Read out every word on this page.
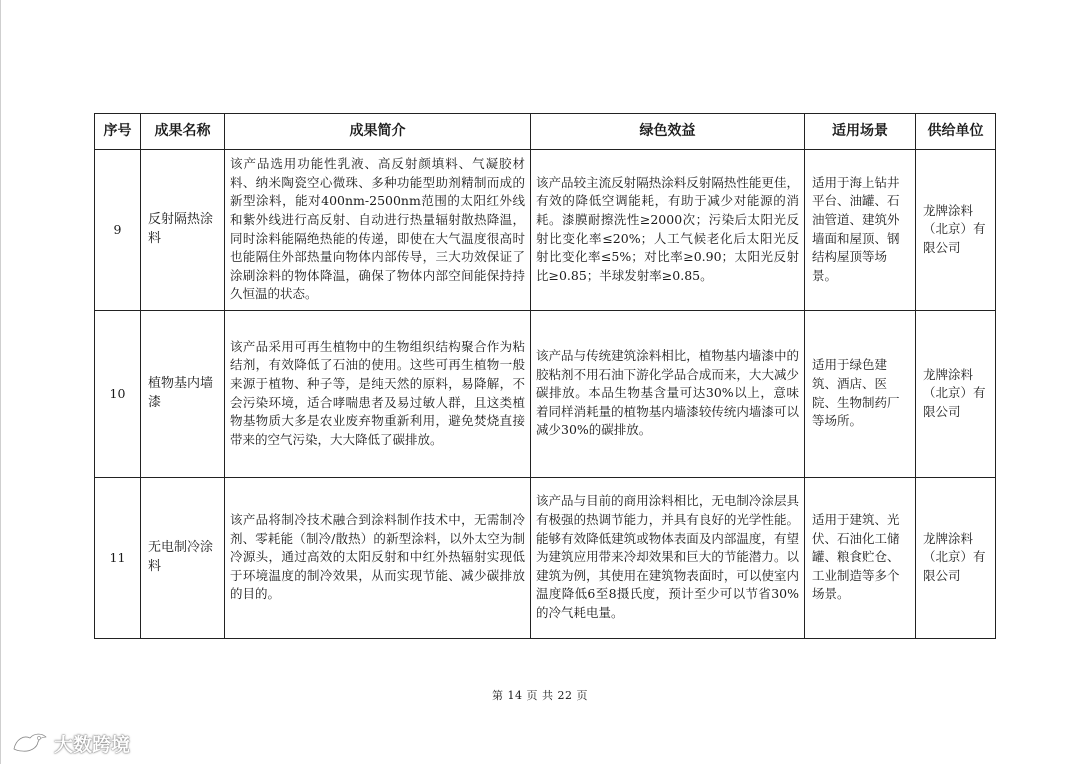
序号	成果名称	成果简介	绿色效益	适用场景	供给单位
9	反射隔热涂料	该产品选用功能性乳液、高反射颜填料、气凝胶材料、纳米陶瓷空心微珠、多种功能型助剂精制而成的新型涂料，能对400nm-2500nm范围的太阳红外线和紫外线进行高反射、自动进行热量辐射散热降温，同时涂料能隔绝热能的传递，即使在大气温度很高时也能隔住外部热量向物体内部传导，三大功效保证了涂刷涂料的物体降温，确保了物体内部空间能保持持久恒温的状态。	该产品较主流反射隔热涂料反射隔热性能更佳，有效的降低空调能耗，有助于减少对能源的消耗。漆膜耐擦洗性≥2000次；污染后太阳光反射比变化率≤20%；人工气候老化后太阳光反射比变化率≤5%；对比率≥0.90；太阳光反射比≥0.85；半球发射率≥0.85。	适用于海上钻井平台、油罐、石油管道、建筑外墙面和屋顶、钢结构屋顶等场景。	龙牌涂料（北京）有限公司
10	植物基内墙漆	该产品采用可再生植物中的生物组织结构聚合作为粘结剂，有效降低了石油的使用。这些可再生植物一般来源于植物、种子等，是纯天然的原料，易降解，不会污染环境，适合哮喘患者及易过敏人群，且这类植物基物质大多是农业废弃物重新利用，避免焚烧直接带来的空气污染，大大降低了碳排放。	该产品与传统建筑涂料相比，植物基内墙漆中的胶粘剂不用石油下游化学品合成而来，大大减少碳排放。本品生物基含量可达30%以上，意味着同样消耗量的植物基内墙漆较传统内墙漆可以减少30%的碳排放。	适用于绿色建筑、酒店、医院、生物制药厂等场所。	龙牌涂料（北京）有限公司
11	无电制冷涂料	该产品将制冷技术融合到涂料制作技术中，无需制冷剂、零耗能（制冷/散热）的新型涂料，以外太空为制冷源头，通过高效的太阳反射和中红外热辐射实现低于环境温度的制冷效果，从而实现节能、减少碳排放的目的。	该产品与目前的商用涂料相比，无电制冷涂层具有极强的热调节能力，并具有良好的光学性能。能够有效降低建筑或物体表面及内部温度，有望为建筑应用带来冷却效果和巨大的节能潜力。以建筑为例，其使用在建筑物表面时，可以使室内温度降低6至8摄氏度，预计至少可以节省30%的冷气耗电量。	适用于建筑、光伏、石油化工储罐、粮食贮仓、工业制造等多个场景。	龙牌涂料（北京）有限公司
第 14 页 共 22 页
大数跨境
